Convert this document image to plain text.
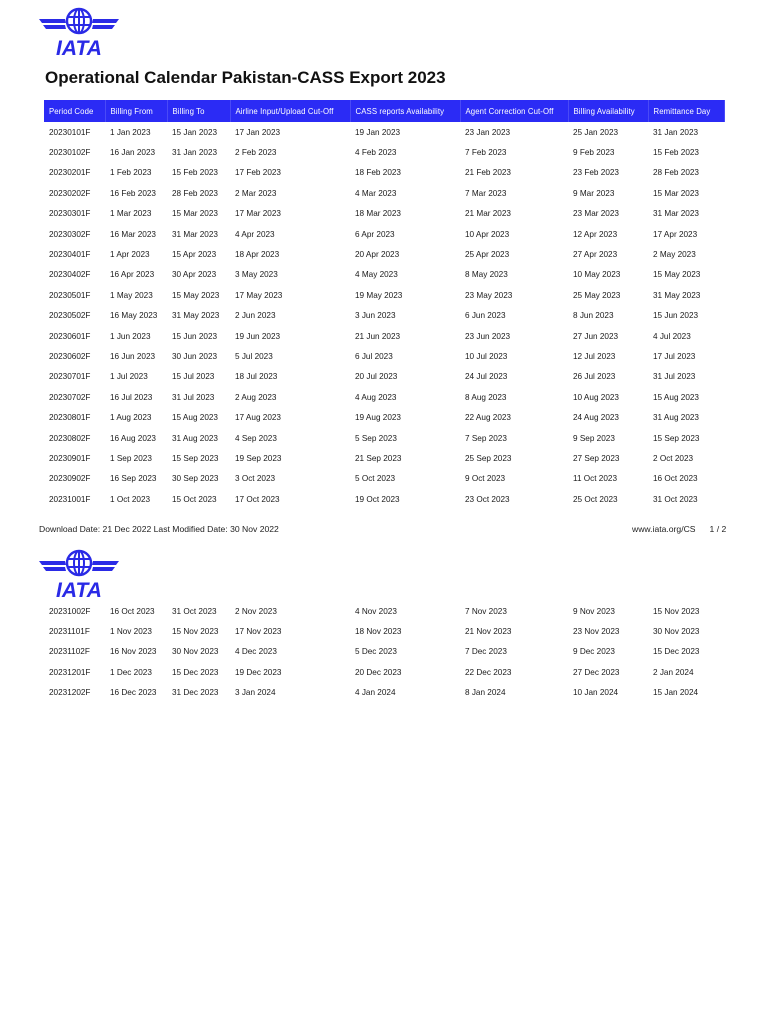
IATA
Operational Calendar Pakistan-CASS Export 2023
Period Code	Billing From	Billing To	Airline Input/Upload Cut-Off	CASS reports Availability	Agent Correction Cut-Off	Billing Availability	Remittance Day
20230101F	1 Jan 2023	15 Jan 2023	17 Jan 2023	19 Jan 2023	23 Jan 2023	25 Jan 2023	31 Jan 2023
20230102F	16 Jan 2023	31 Jan 2023	2 Feb 2023	4 Feb 2023	7 Feb 2023	9 Feb 2023	15 Feb 2023
20230201F	1 Feb 2023	15 Feb 2023	17 Feb 2023	18 Feb 2023	21 Feb 2023	23 Feb 2023	28 Feb 2023
20230202F	16 Feb 2023	28 Feb 2023	2 Mar 2023	4 Mar 2023	7 Mar 2023	9 Mar 2023	15 Mar 2023
20230301F	1 Mar 2023	15 Mar 2023	17 Mar 2023	18 Mar 2023	21 Mar 2023	23 Mar 2023	31 Mar 2023
20230302F	16 Mar 2023	31 Mar 2023	4 Apr 2023	6 Apr 2023	10 Apr 2023	12 Apr 2023	17 Apr 2023
20230401F	1 Apr 2023	15 Apr 2023	18 Apr 2023	20 Apr 2023	25 Apr 2023	27 Apr 2023	2 May 2023
20230402F	16 Apr 2023	30 Apr 2023	3 May 2023	4 May 2023	8 May 2023	10 May 2023	15 May 2023
20230501F	1 May 2023	15 May 2023	17 May 2023	19 May 2023	23 May 2023	25 May 2023	31 May 2023
20230502F	16 May 2023	31 May 2023	2 Jun 2023	3 Jun 2023	6 Jun 2023	8 Jun 2023	15 Jun 2023
20230601F	1 Jun 2023	15 Jun 2023	19 Jun 2023	21 Jun 2023	23 Jun 2023	27 Jun 2023	4 Jul 2023
20230602F	16 Jun 2023	30 Jun 2023	5 Jul 2023	6 Jul 2023	10 Jul 2023	12 Jul 2023	17 Jul 2023
20230701F	1 Jul 2023	15 Jul 2023	18 Jul 2023	20 Jul 2023	24 Jul 2023	26 Jul 2023	31 Jul 2023
20230702F	16 Jul 2023	31 Jul 2023	2 Aug 2023	4 Aug 2023	8 Aug 2023	10 Aug 2023	15 Aug 2023
20230801F	1 Aug 2023	15 Aug 2023	17 Aug 2023	19 Aug 2023	22 Aug 2023	24 Aug 2023	31 Aug 2023
20230802F	16 Aug 2023	31 Aug 2023	4 Sep 2023	5 Sep 2023	7 Sep 2023	9 Sep 2023	15 Sep 2023
20230901F	1 Sep 2023	15 Sep 2023	19 Sep 2023	21 Sep 2023	25 Sep 2023	27 Sep 2023	2 Oct 2023
20230902F	16 Sep 2023	30 Sep 2023	3 Oct 2023	5 Oct 2023	9 Oct 2023	11 Oct 2023	16 Oct 2023
20231001F	1 Oct 2023	15 Oct 2023	17 Oct 2023	19 Oct 2023	23 Oct 2023	25 Oct 2023	31 Oct 2023
Download Date: 21 Dec 2022 Last Modified Date: 30 Nov 2022	www.iata.org/CS 1 / 2
IATA
20231002F	16 Oct 2023	31 Oct 2023	2 Nov 2023	4 Nov 2023	7 Nov 2023	9 Nov 2023	15 Nov 2023
20231101F	1 Nov 2023	15 Nov 2023	17 Nov 2023	18 Nov 2023	21 Nov 2023	23 Nov 2023	30 Nov 2023
20231102F	16 Nov 2023	30 Nov 2023	4 Dec 2023	5 Dec 2023	7 Dec 2023	9 Dec 2023	15 Dec 2023
20231201F	1 Dec 2023	15 Dec 2023	19 Dec 2023	20 Dec 2023	22 Dec 2023	27 Dec 2023	2 Jan 2024
20231202F	16 Dec 2023	31 Dec 2023	3 Jan 2024	4 Jan 2024	8 Jan 2024	10 Jan 2024	15 Jan 2024
